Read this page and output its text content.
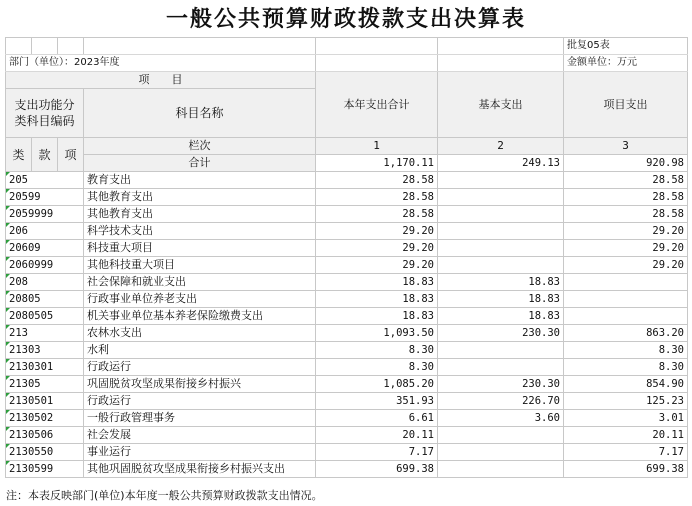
一般公共预算财政拨款支出决算表
						批复05表
部门（单位）：2023年度						金额单位：万元
项　　目				本年支出合计	基本支出	项目支出
支出功能分类科目编码			科目名称			

类	款	项	栏次	1	2	3
			合计	1,170.11	249.13	920.98
205			教育支出	28.58		28.58
20599			其他教育支出	28.58		28.58
2059999			其他教育支出	28.58		28.58
206			科学技术支出	29.20		29.20
20609			科技重大项目	29.20		29.20
2060999			其他科技重大项目	29.20		29.20
208			社会保障和就业支出	18.83	18.83	
20805			行政事业单位养老支出	18.83	18.83	
2080505			机关事业单位基本养老保险缴费支出	18.83	18.83	
213			农林水支出	1,093.50	230.30	863.20
21303			水利	8.30		8.30
2130301			行政运行	8.30		8.30
21305			巩固脱贫攻坚成果衔接乡村振兴	1,085.20	230.30	854.90
2130501			行政运行	351.93	226.70	125.23
2130502			一般行政管理事务	6.61	3.60	3.01
2130506			社会发展	20.11		20.11
2130550			事业运行	7.17		7.17
2130599			其他巩固脱贫攻坚成果衔接乡村振兴支出	699.38		699.38
注：本表反映部门(单位)本年度一般公共预算财政拨款支出情况。
